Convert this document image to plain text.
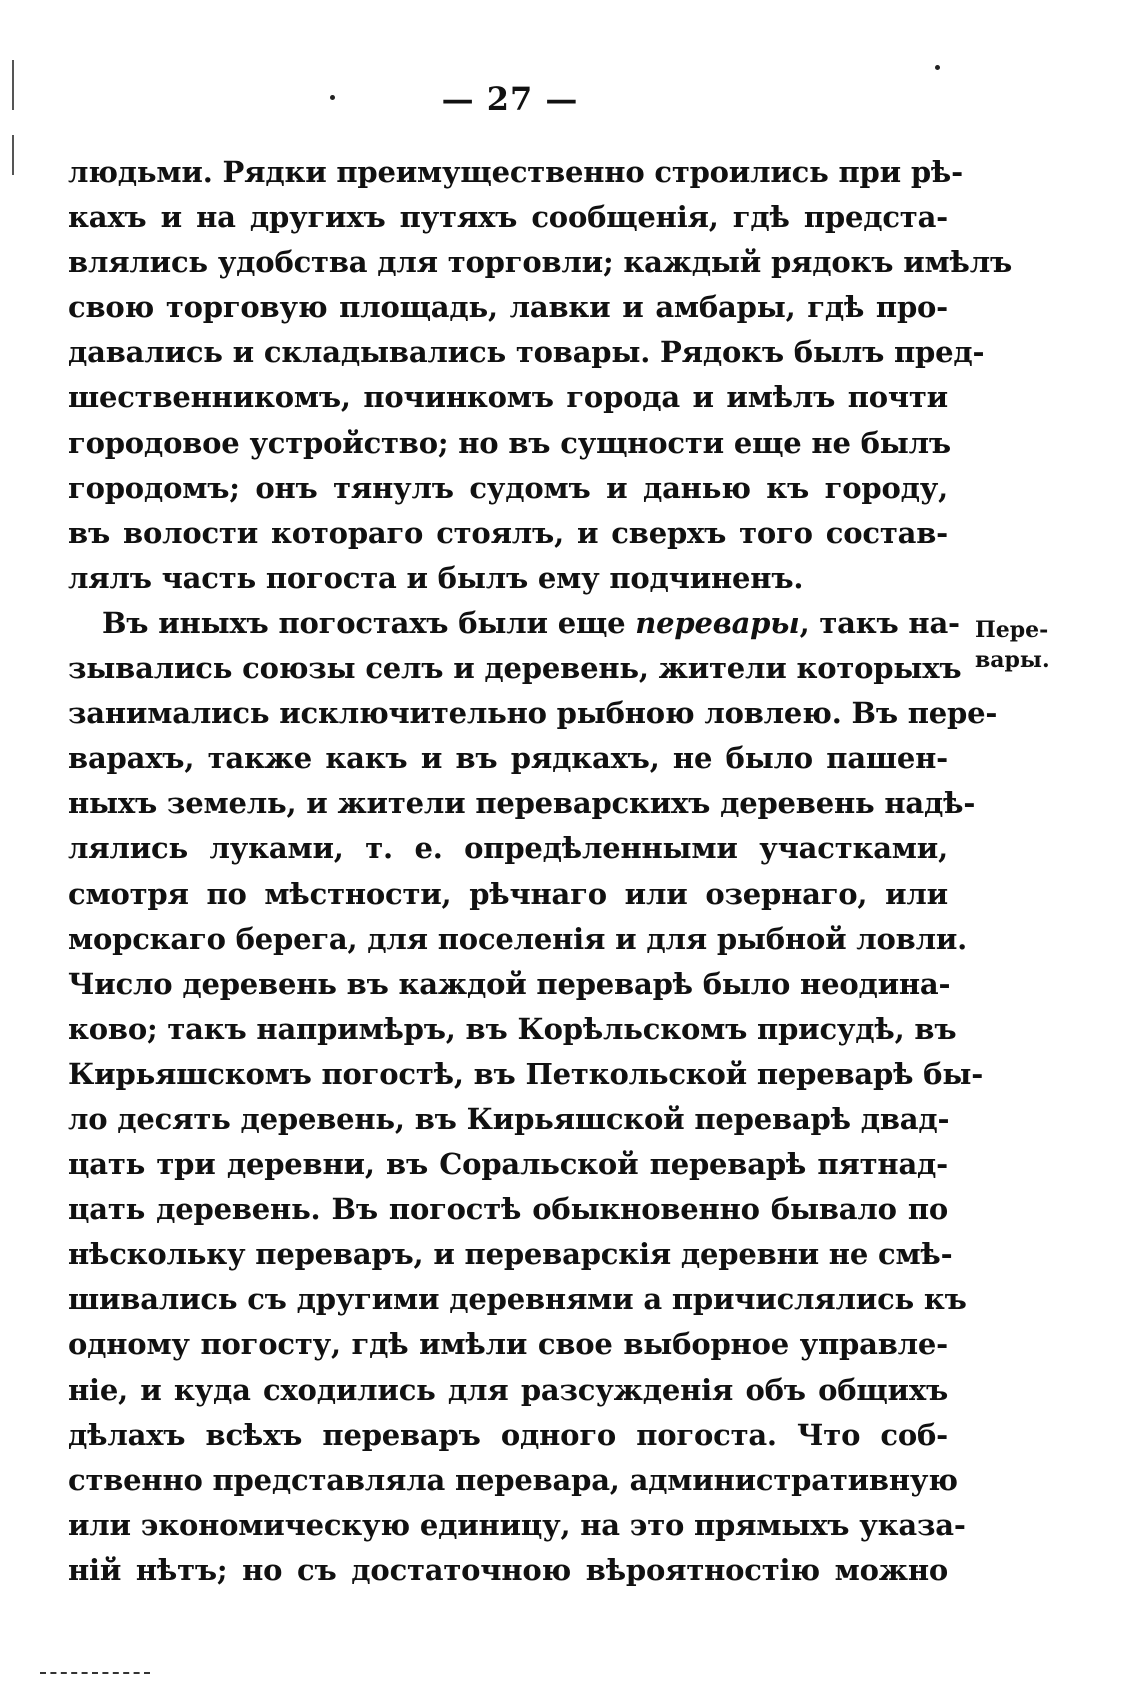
— 27 —
людьми. Рядки преимущественно строились при рѣ-
кахъ и на другихъ путяхъ сообщенія, гдѣ предста-
влялись удобства для торговли; каждый рядокъ имѣлъ
свою торговую площадь, лавки и амбары, гдѣ про-
давались и складывались товары. Рядокъ былъ пред-
шественникомъ, починкомъ города и имѣлъ почти
городовое устройство; но въ сущности еще не былъ
городомъ; онъ тянулъ судомъ и данью къ городу,
въ волости котораго стоялъ, и сверхъ того состав-
лялъ часть погоста и былъ ему подчиненъ.
Въ иныхъ погостахъ были еще перевары, такъ на-
зывались союзы селъ и деревень, жители которыхъ
занимались исключительно рыбною ловлею. Въ пере-
варахъ, также какъ и въ рядкахъ, не было пашен-
ныхъ земель, и жители переварскихъ деревень надѣ-
лялись луками, т. е. опредѣленными участками,
смотря по мѣстности, рѣчнаго или озернаго, или
морскаго берега, для поселенія и для рыбной ловли.
Число деревень въ каждой переварѣ было неодина-
ково; такъ напримѣръ, въ Корѣльскомъ присудѣ, въ
Кирьяшскомъ погостѣ, въ Петкольской переварѣ бы-
ло десять деревень, въ Кирьяшской переварѣ двад-
цать три деревни, въ Соральской переварѣ пятнад-
цать деревень. Въ погостѣ обыкновенно бывало по
нѣскольку переваръ, и переварскія деревни не смѣ-
шивались съ другими деревнями а причислялись къ
одному погосту, гдѣ имѣли свое выборное управле-
ніе, и куда сходились для разсужденія объ общихъ
дѣлахъ всѣхъ переваръ одного погоста. Что соб-
ственно представляла перевара, административную
или экономическую единицу, на это прямыхъ указа-
ній нѣтъ; но съ достаточною вѣроятностію можно
Пере-
вары.
